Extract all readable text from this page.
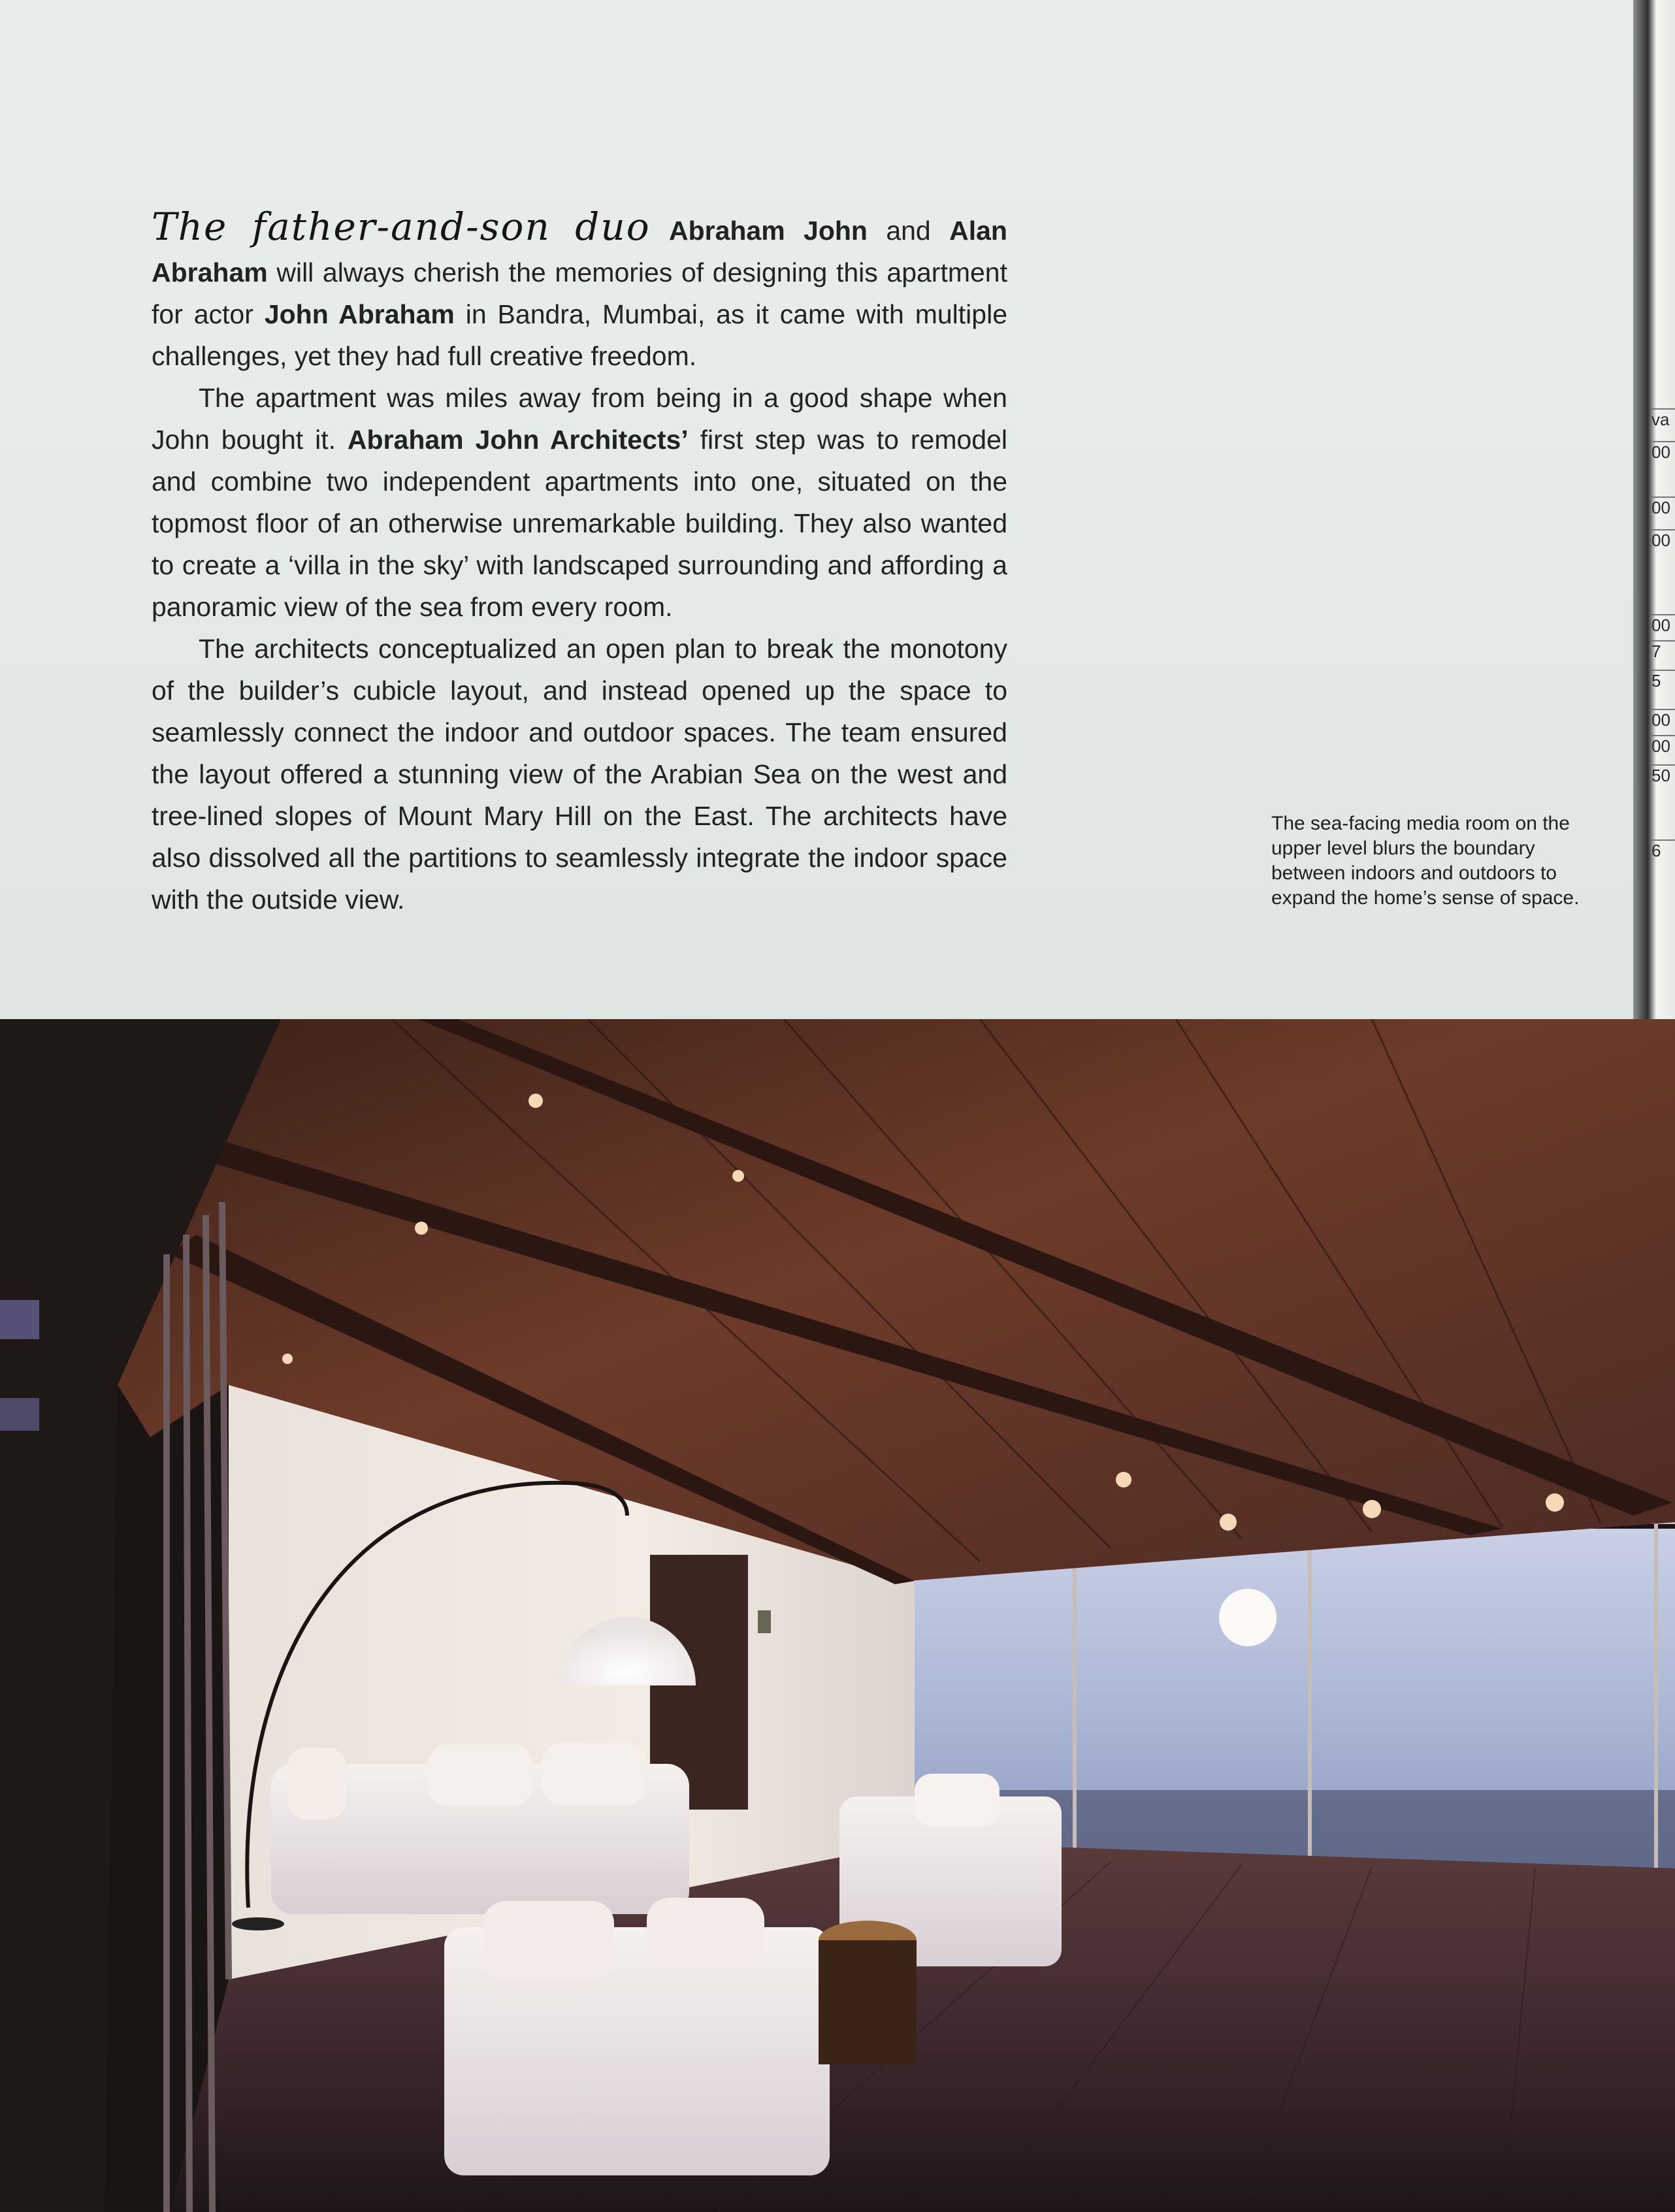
The father-and-son duo Abraham John and Alan Abraham will always cherish the memories of designing this apartment for actor John Abraham in Bandra, Mumbai, as it came with multiple challenges, yet they had full creative freedom.

The apartment was miles away from being in a good shape when John bought it. Abraham John Architects’ first step was to remodel and combine two independent apartments into one, situated on the topmost floor of an otherwise unremarkable building. They also wanted to create a ‘villa in the sky’ with landscaped surrounding and affording a panoramic view of the sea from every room.

The architects conceptualized an open plan to break the monotony of the builder’s cubicle layout, and instead opened up the space to seamlessly connect the indoor and outdoor spaces. The team ensured the layout offered a stunning view of the Arabian Sea on the west and tree-lined slopes of Mount Mary Hill on the East. The architects have also dissolved all the partitions to seamlessly integrate the indoor space with the outside view.

The sea-facing media room on the upper level blurs the boundary between indoors and outdoors to expand the home’s sense of space.
va
00
00
00
00
7
5
00
00
50
6
